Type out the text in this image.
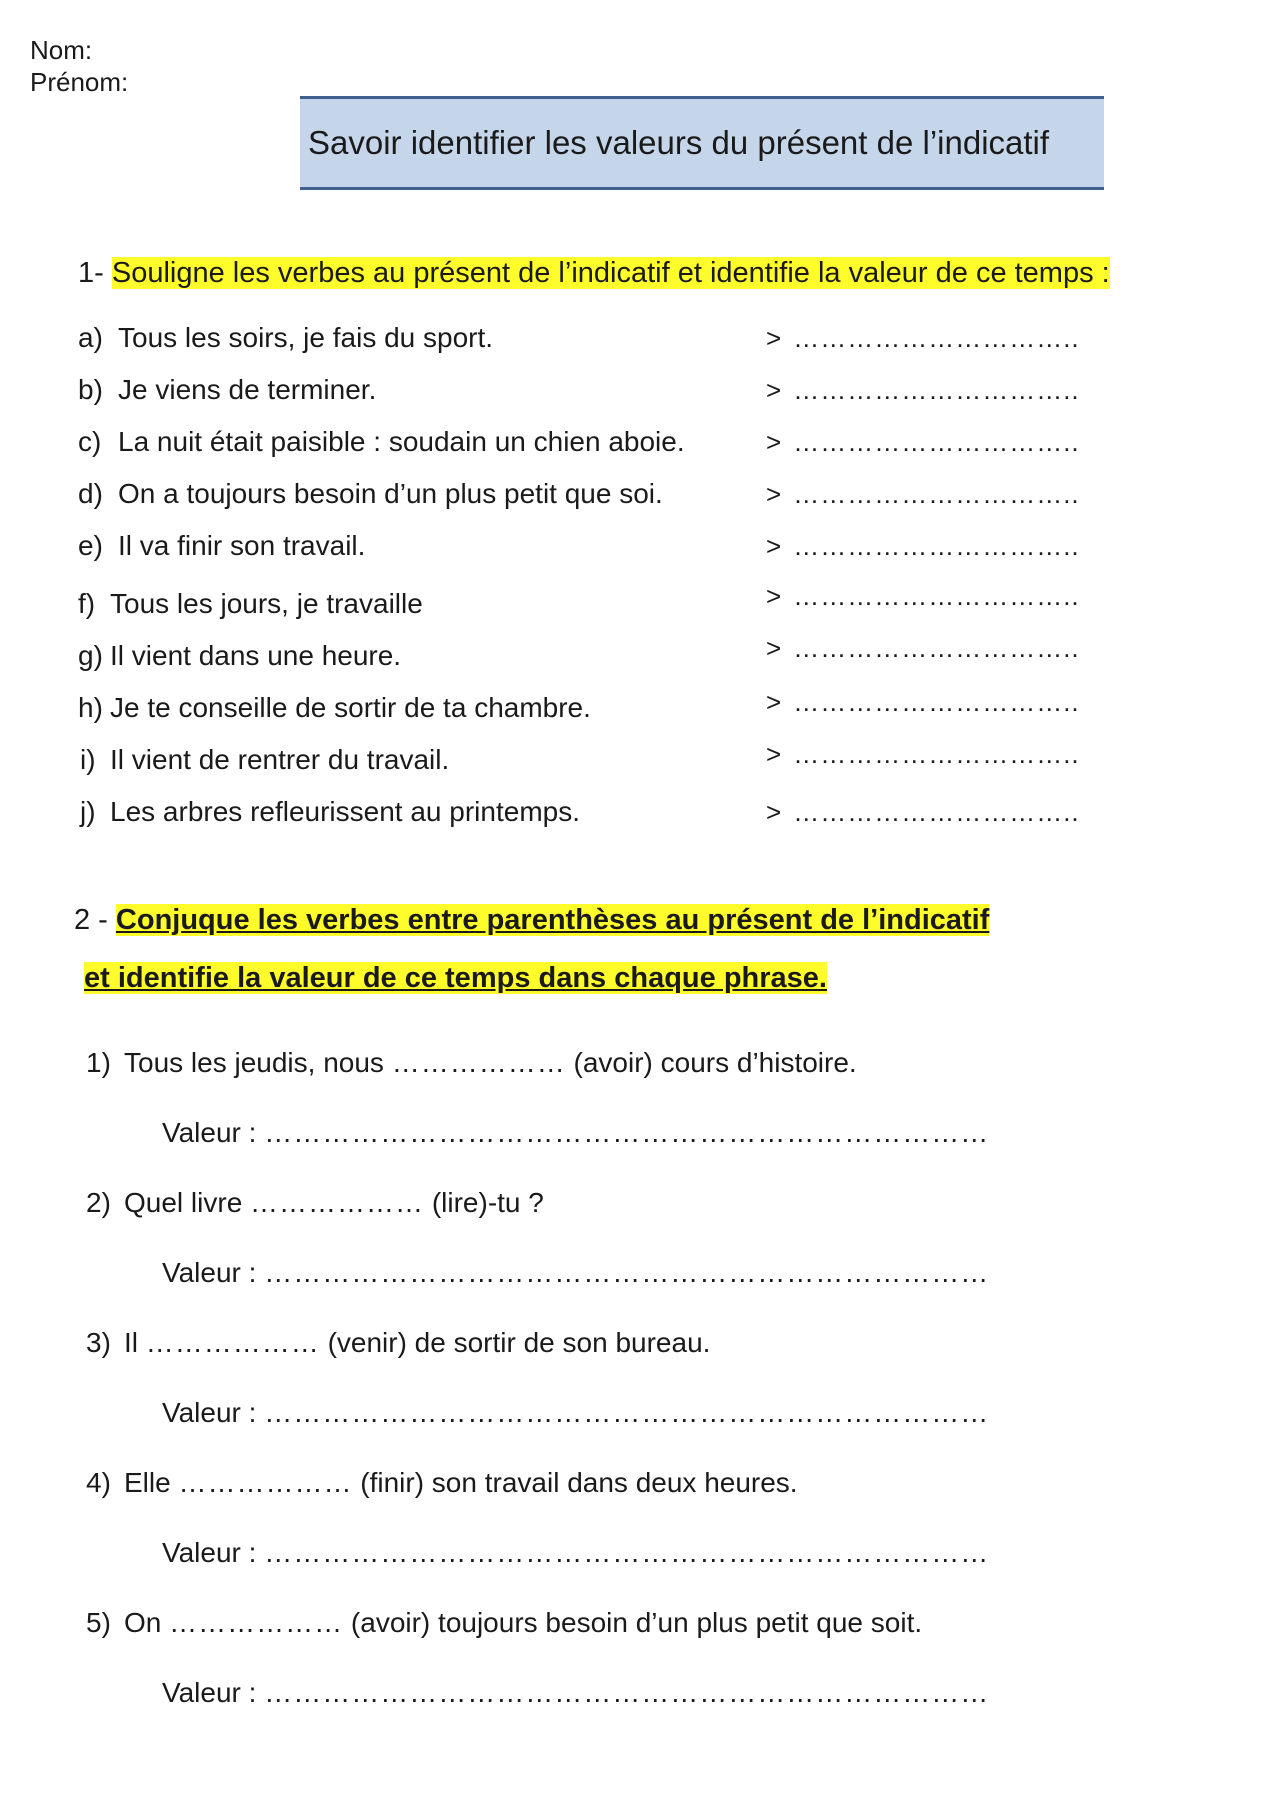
Nom:
Prénom:
Savoir identifier les valeurs du présent de l’indicatif
1- Souligne les verbes au présent de l’indicatif et identifie la valeur de ce temps :
a) Tous les soirs, je fais du sport.
b) Je viens de terminer.
c) La nuit était paisible : soudain un chien aboie.
d) On a toujours besoin d’un plus petit que soi.
e) Il va finir son travail.
f) Tous les jours, je travaille
g) Il vient dans une heure.
h) Je te conseille de sortir de ta chambre.
i) Il vient de rentrer du travail.
j) Les arbres refleurissent au printemps.
> …………………………..
> …………………………..
> …………………………..
> …………………………..
> …………………………..
> …………………………..
> …………………………..
> …………………………..
> …………………………..
> …………………………..
2 - Conjuque les verbes entre parenthèses au présent de l’indicatif
et identifie la valeur de ce temps dans chaque phrase.
1) Tous les jeudis, nous ……………… (avoir) cours d’histoire.
Valeur : …………………………………………………………………
2) Quel livre ……………… (lire)-tu ?
Valeur : …………………………………………………………………
3) Il ……………… (venir) de sortir de son bureau.
Valeur : …………………………………………………………………
4) Elle ……………… (finir) son travail dans deux heures.
Valeur : …………………………………………………………………
5) On ……………… (avoir) toujours besoin d’un plus petit que soit.
Valeur : …………………………………………………………………
